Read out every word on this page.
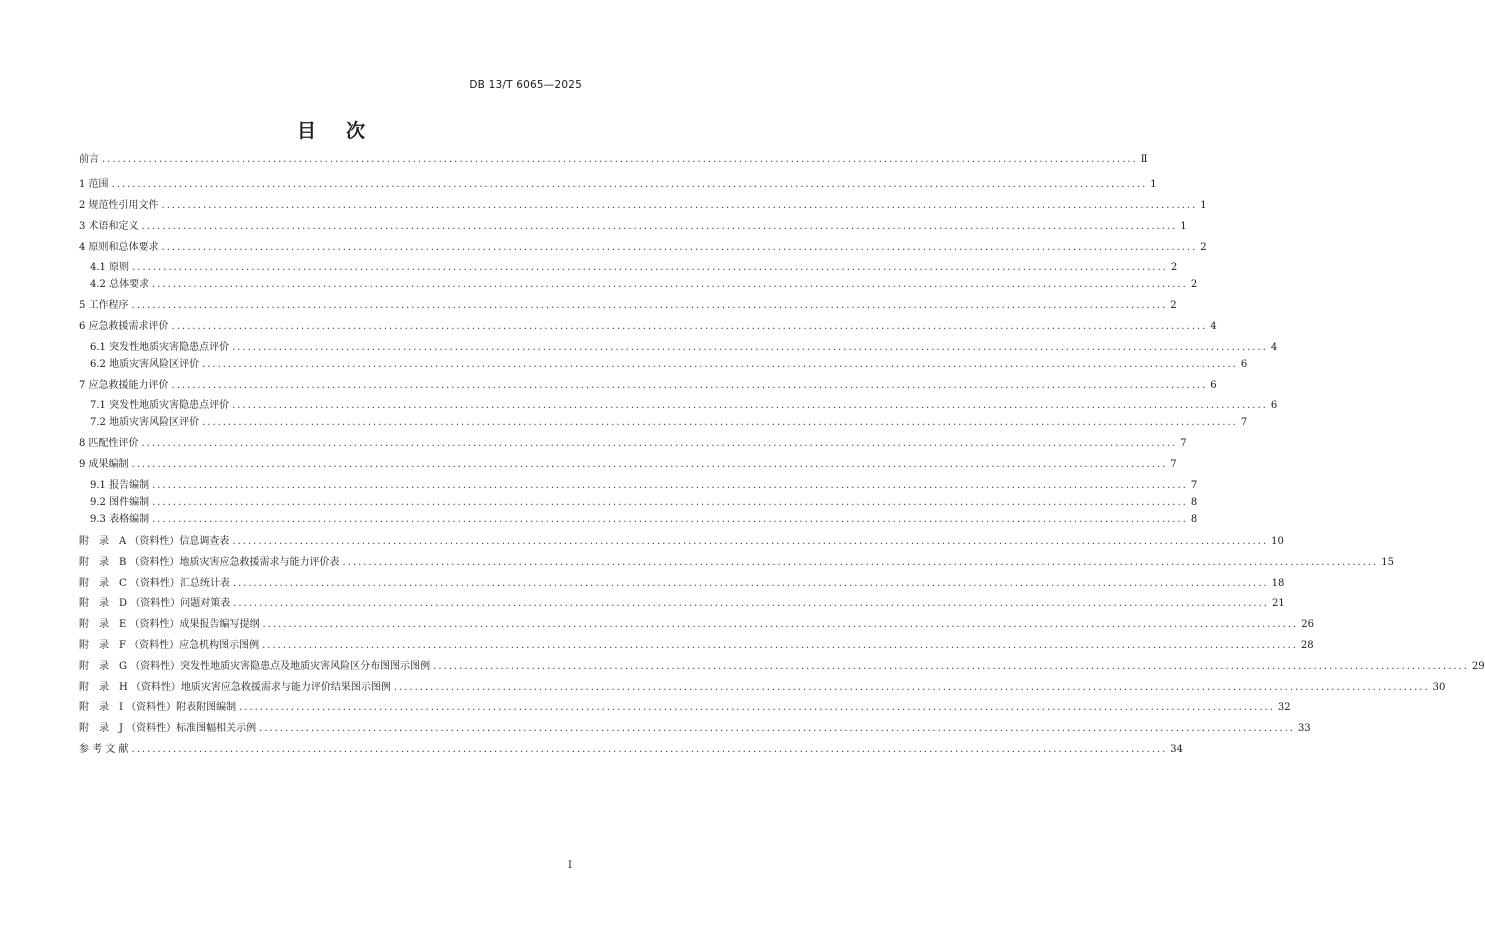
DB 13/T 6065—2025
目次
前言 ........................................................................................................................................................................................................ Ⅱ
1 范围 ........................................................................................................................................................................................................ 1
2 规范性引用文件 ........................................................................................................................................................................................................ 1
3 术语和定义 ........................................................................................................................................................................................................ 1
4 原则和总体要求 ........................................................................................................................................................................................................ 2
4.1 原则 ........................................................................................................................................................................................................ 2
4.2 总体要求 ........................................................................................................................................................................................................ 2
5 工作程序 ........................................................................................................................................................................................................ 2
6 应急救援需求评价 ........................................................................................................................................................................................................ 4
6.1 突发性地质灾害隐患点评价 ........................................................................................................................................................................................................ 4
6.2 地质灾害风险区评价 ........................................................................................................................................................................................................ 6
7 应急救援能力评价 ........................................................................................................................................................................................................ 6
7.1 突发性地质灾害隐患点评价 ........................................................................................................................................................................................................ 6
7.2 地质灾害风险区评价 ........................................................................................................................................................................................................ 7
8 匹配性评价 ........................................................................................................................................................................................................ 7
9 成果编制 ........................................................................................................................................................................................................ 7
9.1 报告编制 ........................................................................................................................................................................................................ 7
9.2 图件编制 ........................................................................................................................................................................................................ 8
9.3 表格编制 ........................................................................................................................................................................................................ 8
附　录　A （资料性）信息调查表 ........................................................................................................................................................................................................ 10
附　录　B （资料性）地质灾害应急救援需求与能力评价表 ........................................................................................................................................................................................................ 15
附　录　C （资料性）汇总统计表 ........................................................................................................................................................................................................ 18
附　录　D （资料性）问题对策表 ........................................................................................................................................................................................................ 21
附　录　E （资料性）成果报告编写提纲 ........................................................................................................................................................................................................ 26
附　录　F （资料性）应急机构图示图例 ........................................................................................................................................................................................................ 28
附　录　G （资料性）突发性地质灾害隐患点及地质灾害风险区分布图图示图例 ........................................................................................................................................................................................................ 29
附　录　H （资料性）地质灾害应急救援需求与能力评价结果图示图例 ........................................................................................................................................................................................................ 30
附　录　I （资料性）附表附图编制 ........................................................................................................................................................................................................ 32
附　录　J （资料性）标准图幅相关示例 ........................................................................................................................................................................................................ 33
参 考 文 献 ........................................................................................................................................................................................................ 34
I
